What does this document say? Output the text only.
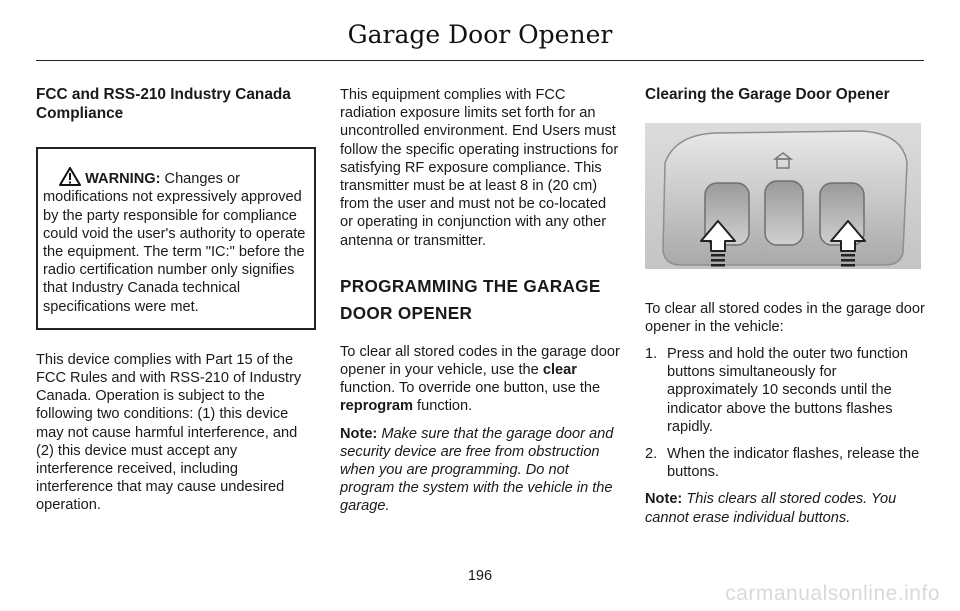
Garage Door Opener
FCC and RSS-210 Industry Canada Compliance

WARNING: Changes or modifications not expressively approved by the party responsible for compliance could void the user's authority to operate the equipment. The term "IC:" before the radio certification number only signifies that Industry Canada technical specifications were met.

This device complies with Part 15 of the FCC Rules and with RSS-210 of Industry Canada. Operation is subject to the following two conditions: (1) this device may not cause harmful interference, and (2) this device must accept any interference received, including interference that may cause undesired operation.

This equipment complies with FCC radiation exposure limits set forth for an uncontrolled environment. End Users must follow the specific operating instructions for satisfying RF exposure compliance. This transmitter must be at least 8 in (20 cm) from the user and must not be co-located or operating in conjunction with any other antenna or transmitter.

PROGRAMMING THE GARAGE DOOR OPENER

To clear all stored codes in the garage door opener in your vehicle, use the clear function. To override one button, use the reprogram function.

Note: Make sure that the garage door and security device are free from obstruction when you are programming. Do not program the system with the vehicle in the garage.

Clearing the Garage Door Opener

To clear all stored codes in the garage door opener in the vehicle:

1. Press and hold the outer two function buttons simultaneously for approximately 10 seconds until the indicator above the buttons flashes rapidly.
2. When the indicator flashes, release the buttons.

Note: This clears all stored codes. You cannot erase individual buttons.

196
carmanualsonline.info
